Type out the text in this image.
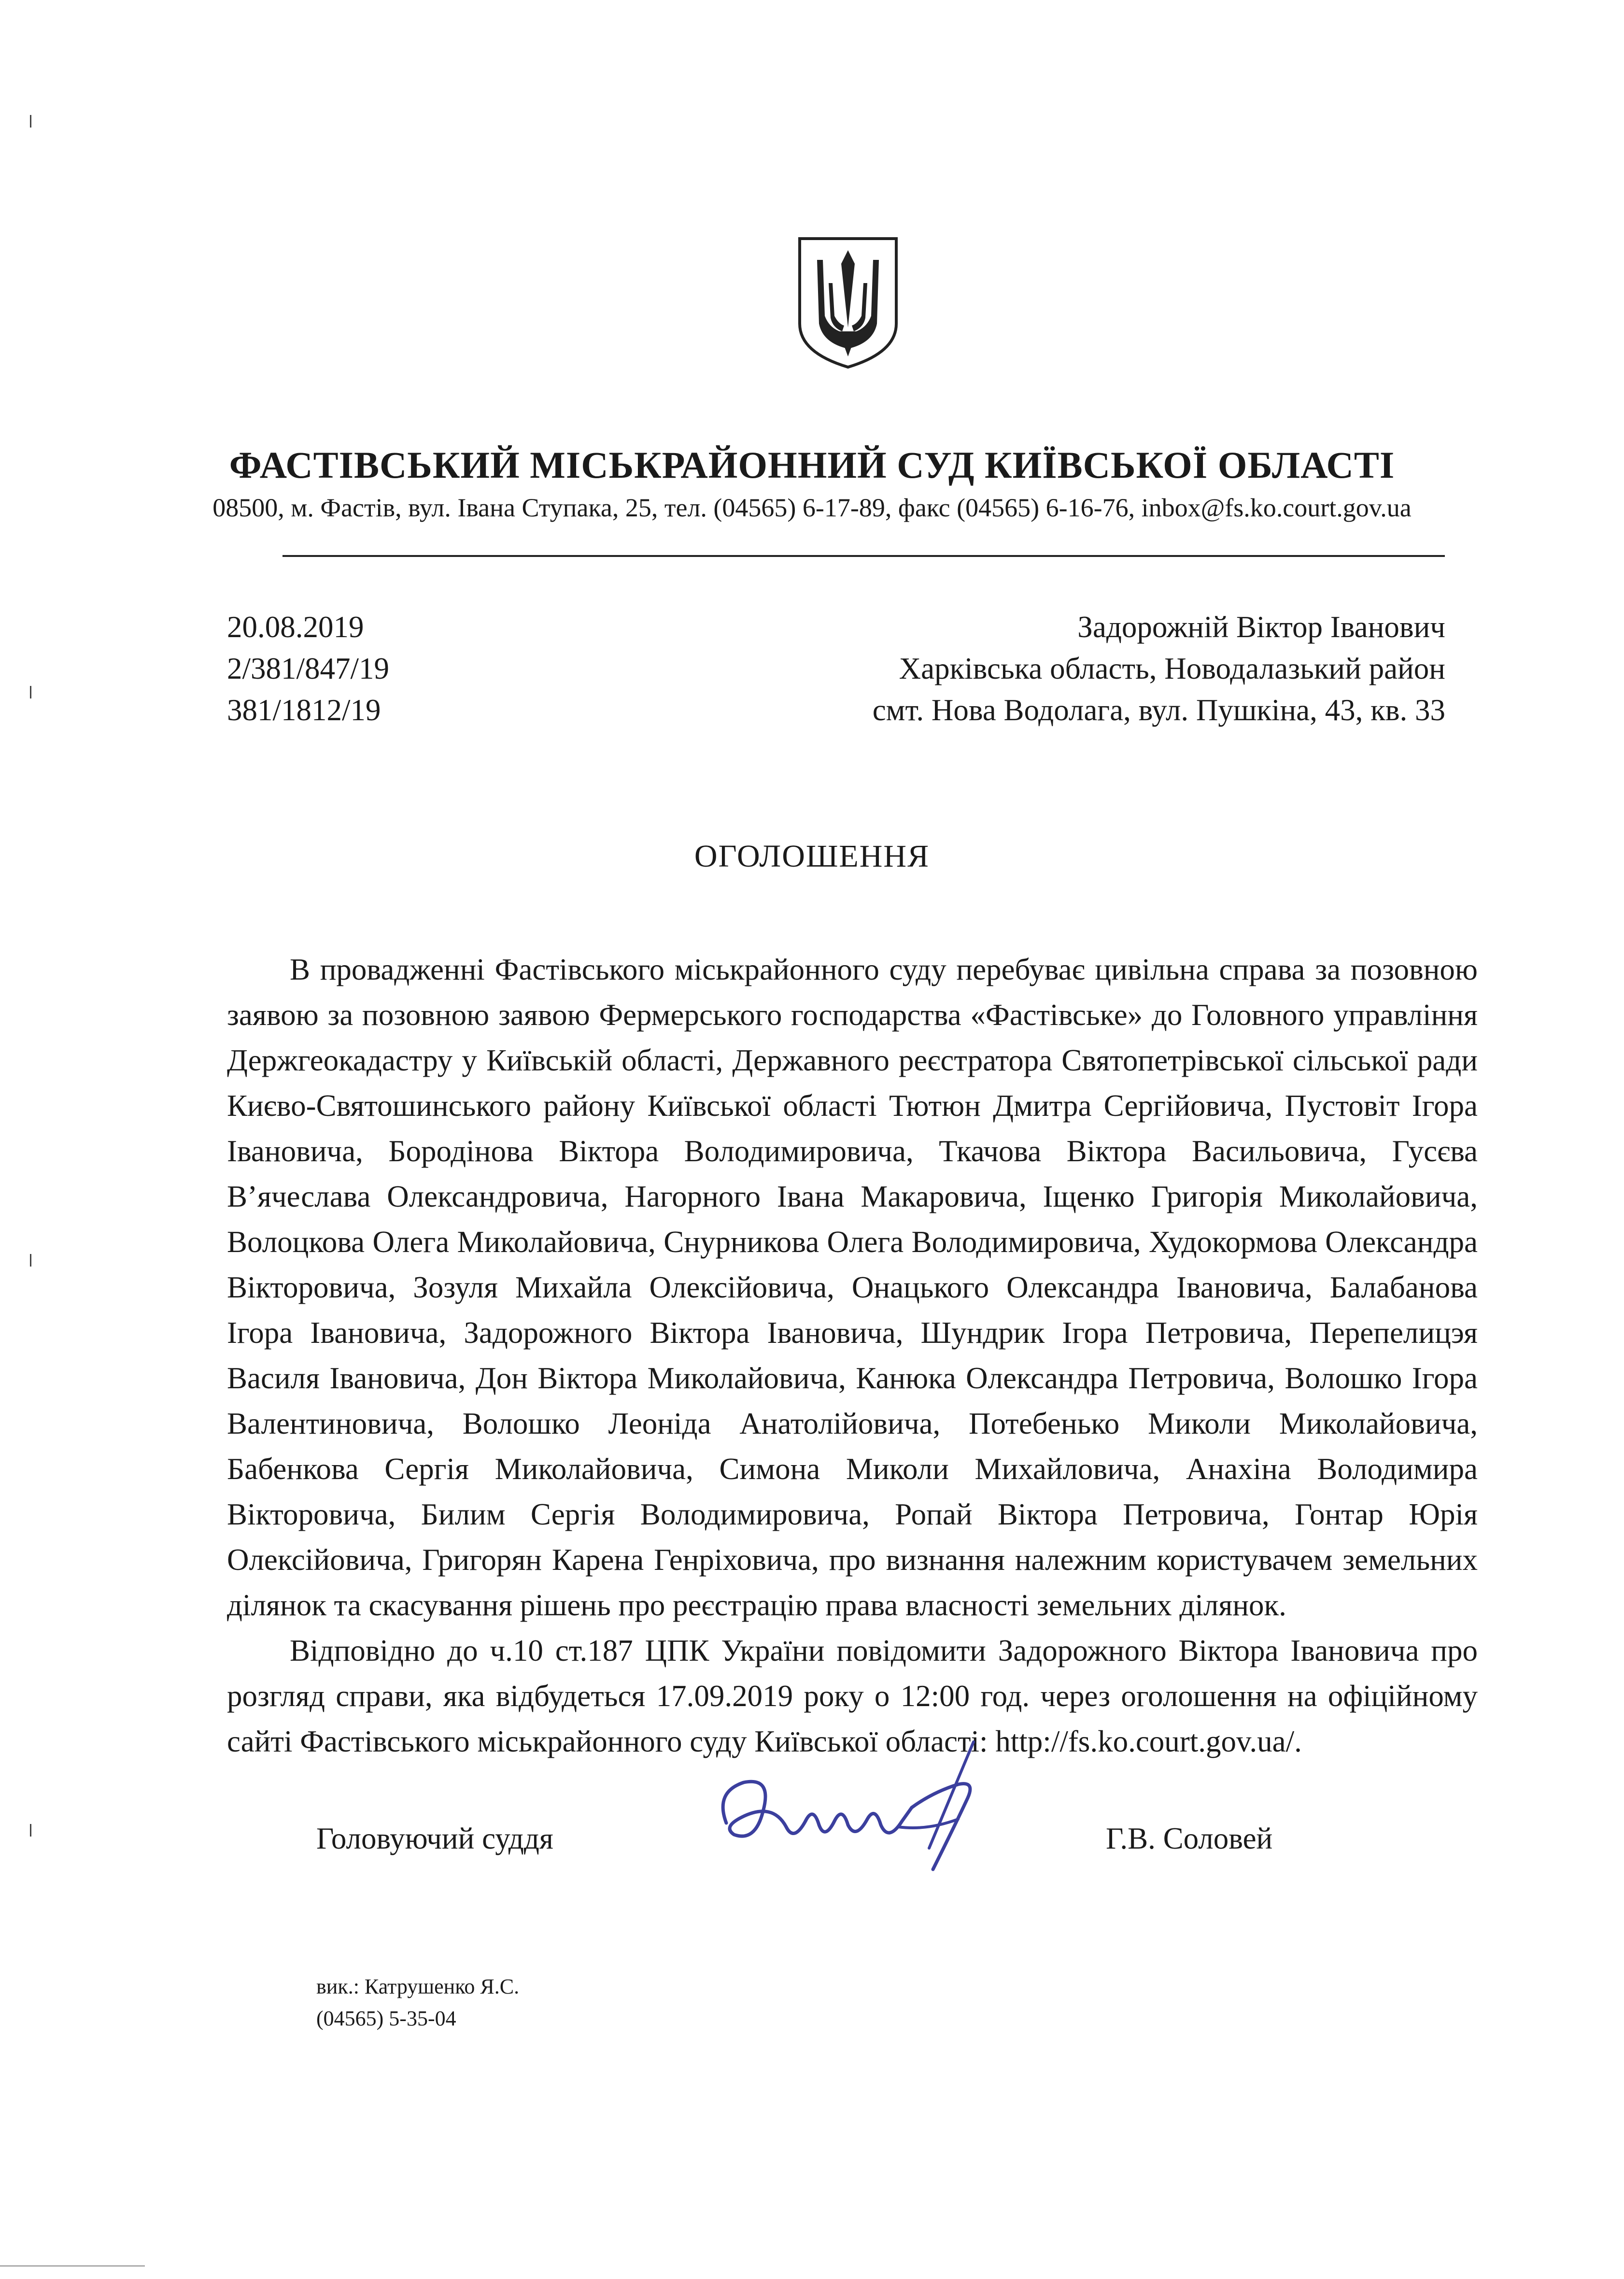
ФАСТІВСЬКИЙ МІСЬКРАЙОННИЙ СУД КИЇВСЬКОЇ ОБЛАСТІ
08500, м. Фастів, вул. Івана Ступака, 25, тел. (04565) 6-17-89, факс (04565) 6-16-76, inbox@fs.ko.court.gov.ua
20.08.2019
2/381/847/19
381/1812/19
Задорожній Віктор Іванович
Харківська область, Новодалазький район
смт. Нова Водолага, вул. Пушкіна, 43, кв. 33
ОГОЛОШЕННЯ

В провадженні Фастівського міськрайонного суду перебуває цивільна справа за позовною заявою за позовною заявою Фермерського господарства «Фастівське» до Головного управління Держгеокадастру у Київській області, Державного реєстратора Святопетрівської сільської ради Києво-Святошинського району Київської області Тютюн Дмитра Сергійовича, Пустовіт Ігора Івановича, Бородінова Віктора Володимировича, Ткачова Віктора Васильовича, Гусєва В’ячеслава Олександровича, Нагорного Івана Макаровича, Іщенко Григорія Миколайовича, Волоцкова Олега Миколайовича, Снурникова Олега Володимировича, Худокормова Олександра Вікторовича, Зозуля Михайла Олексійовича, Онацького Олександра Івановича, Балабанова Ігора Івановича, Задорожного Віктора Івановича, Шундрик Ігора Петровича, Перепелицэя Василя Івановича, Дон Віктора Миколайовича, Канюка Олександра Петровича, Волошко Ігора Валентиновича, Волошко Леоніда Анатолійовича, Потебенько Миколи Миколайовича, Бабенкова Сергія Миколайовича, Симона Миколи Михайловича, Анахіна Володимира Вікторовича, Билим Сергія Володимировича, Ропай Віктора Петровича, Гонтар Юрія Олексійовича, Григорян Карена Генріховича, про визнання належним користувачем земельних ділянок та скасування рішень про реєстрацію права власності земельних ділянок.

Відповідно до ч.10 ст.187 ЦПК України повідомити Задорожного Віктора Івановича про розгляд справи, яка відбудеться 17.09.2019 року о 12:00 год. через оголошення на офіційному сайті Фастівського міськрайонного суду Київської області: http://fs.ko.court.gov.ua/.

Головуючий суддя	Г.В. Соловей
вик.: Катрушенко Я.С.
(04565) 5-35-04
